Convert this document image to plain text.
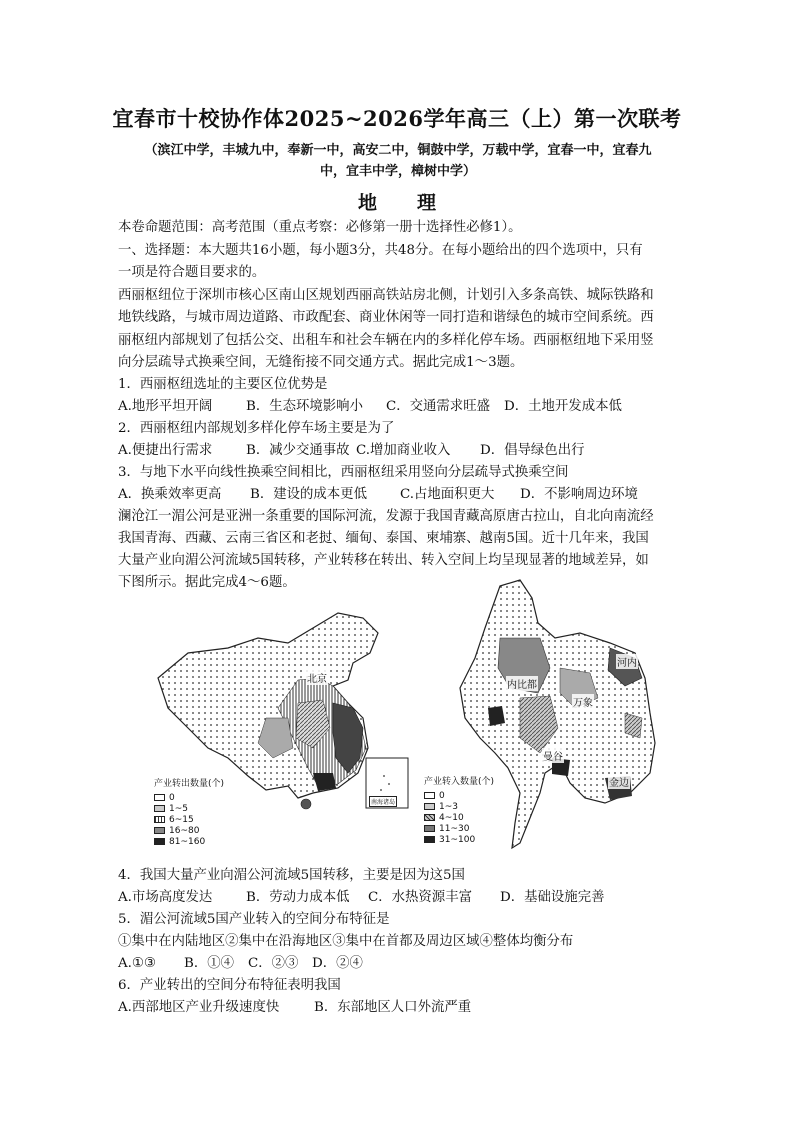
宜春市十校协作体2025~2026学年高三（上）第一次联考
（滨江中学，丰城九中，奉新一中，高安二中，铜鼓中学，万载中学，宜春一中，宜春九
中，宜丰中学，樟树中学）
地理
本卷命题范围：高考范围（重点考察：必修第一册十选择性必修1）。
一、选择题：本大题共16小题，每小题3分，共48分。在每小题给出的四个选项中，只有
一项是符合题目要求的。
西丽枢纽位于深圳市核心区南山区规划西丽高铁站房北侧，计划引入多条高铁、城际铁路和
地铁线路，与城市周边道路、市政配套、商业休闲等一同打造和谐绿色的城市空间系统。西
丽枢纽内部规划了包括公交、出租车和社会车辆在内的多样化停车场。西丽枢纽地下采用竖
向分层疏导式换乘空间，无缝衔接不同交通方式。据此完成1～3题。
1．西丽枢纽选址的主要区位优势是
A.地形平坦开阔	B．生态环境影响小	C．交通需求旺盛	D．土地开发成本低
2．西丽枢纽内部规划多样化停车场主要是为了
A.便捷出行需求	B．减少交通事故 C.增加商业收入	D．倡导绿色出行
3．与地下水平向线性换乘空间相比，西丽枢纽采用竖向分层疏导式换乘空间
A．换乘效率更高	B．建设的成本更低	C.占地面积更大	D．不影响周边环境
澜沧江一湄公河是亚洲一条重要的国际河流，发源于我国青藏高原唐古拉山，自北向南流经
我国青海、西藏、云南三省区和老挝、缅甸、泰国、柬埔寨、越南5国。近十几年来，我国
大量产业向湄公河流域5国转移，产业转移在转出、转入空间上均呈现显著的地域差异，如
下图所示。据此完成4～6题。
北京
南海诸岛
产业转出数量(个)
0
1~5
6~15
16~80
81~160
河内
内比都
万象
曼谷
金边
产业转入数量(个)
0
1~3
4~10
11~30
31~100
4．我国大量产业向湄公河流域5国转移，主要是因为这5国
A.市场高度发达	B．劳动力成本低	C．水热资源丰富	D．基础设施完善
5．湄公河流域5国产业转入的空间分布特征是
①集中在内陆地区②集中在沿海地区③集中在首都及周边区域④整体均衡分布
A.①③	B．①④	C．②③	D．②④
6．产业转出的空间分布特征表明我国
A.西部地区产业升级速度快	B．东部地区人口外流严重
